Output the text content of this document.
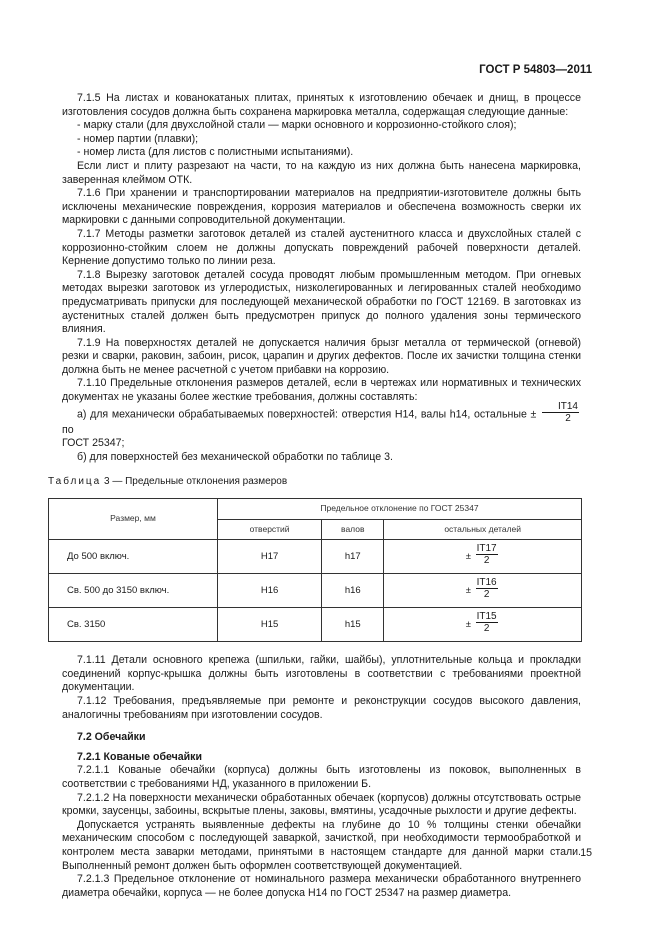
ГОСТ Р 54803—2011

7.1.5 На листах и кованокатаных плитах, принятых к изготовлению обечаек и днищ, в процессе изготовления сосудов должна быть сохранена маркировка металла, содержащая следующие данные:

- марку стали (для двухслойной стали — марки основного и коррозионно-стойкого слоя);

- номер партии (плавки);

- номер листа (для листов с полистными испытаниями).

Если лист и плиту разрезают на части, то на каждую из них должна быть нанесена маркировка, заверенная клеймом ОТК.

7.1.6 При хранении и транспортировании материалов на предприятии-изготовителе должны быть исключены механические повреждения, коррозия материалов и обеспечена возможность сверки их маркировки с данными сопроводительной документации.

7.1.7 Методы разметки заготовок деталей из сталей аустенитного класса и двухслойных сталей с коррозионно-стойким слоем не должны допускать повреждений рабочей поверхности деталей. Кернение допустимо только по линии реза.

7.1.8 Вырезку заготовок деталей сосуда проводят любым промышленным методом. При огневых методах вырезки заготовок из углеродистых, низколегированных и легированных сталей необходимо предусматривать припуски для последующей механической обработки по ГОСТ 12169. В заготовках из аустенитных сталей должен быть предусмотрен припуск до полного удаления зоны термического влияния.

7.1.9 На поверхностях деталей не допускается наличия брызг металла от термической (огневой) резки и сварки, раковин, забоин, рисок, царапин и других дефектов. После их зачистки толщина стенки должна быть не менее расчетной с учетом прибавки на коррозию.

7.1.10 Предельные отклонения размеров деталей, если в чертежах или нормативных и технических документах не указаны более жесткие требования, должны составлять:

а) для механически обрабатываемых поверхностей: отверстия H14, валы h14, остальные ± $\frac{IT14}{2}$
по

ГОСТ 25347;

б) для поверхностей без механической обработки по таблице 3.

Таблица 3 — Предельные отклонения размеров
Размер, мм	Предельное отклонение по ГОСТ 25347		
	отверстий	валов	остальных деталей
До 500 включ.	H17	h17	± $\frac{IT17}{2}$

Св. 500 до 3150 включ.	H16	h16	± $\frac{IT16}{2}$

Св. 3150	H15	h15	± $\frac{IT15}{2}$

7.1.11 Детали основного крепежа (шпильки, гайки, шайбы), уплотнительные кольца и прокладки соединений корпус-крышка должны быть изготовлены в соответствии с требованиями проектной документации.

7.1.12 Требования, предъявляемые при ремонте и реконструкции сосудов высокого давления, аналогичны требованиям при изготовлении сосудов.

7.2 Обечайки
7.2.1 Кованые обечайки

7.2.1.1 Кованые обечайки (корпуса) должны быть изготовлены из поковок, выполненных в соответствии с требованиями НД, указанного в приложении Б.

7.2.1.2 На поверхности механически обработанных обечаек (корпусов) должны отсутствовать острые кромки, заусенцы, забоины, вскрытые плены, заковы, вмятины, усадочные рыхлости и другие дефекты.

Допускается устранять выявленные дефекты на глубине до 10 % толщины стенки обечайки механическим способом с последующей заваркой, зачисткой, при необходимости термообработкой и контролем места заварки методами, принятыми в настоящем стандарте для данной марки стали. Выполненный ремонт должен быть оформлен соответствующей документацией.

7.2.1.3 Предельное отклонение от номинального размера механически обработанного внутреннего диаметра обечайки, корпуса — не более допуска H14 по ГОСТ 25347 на размер диаметра.

15
